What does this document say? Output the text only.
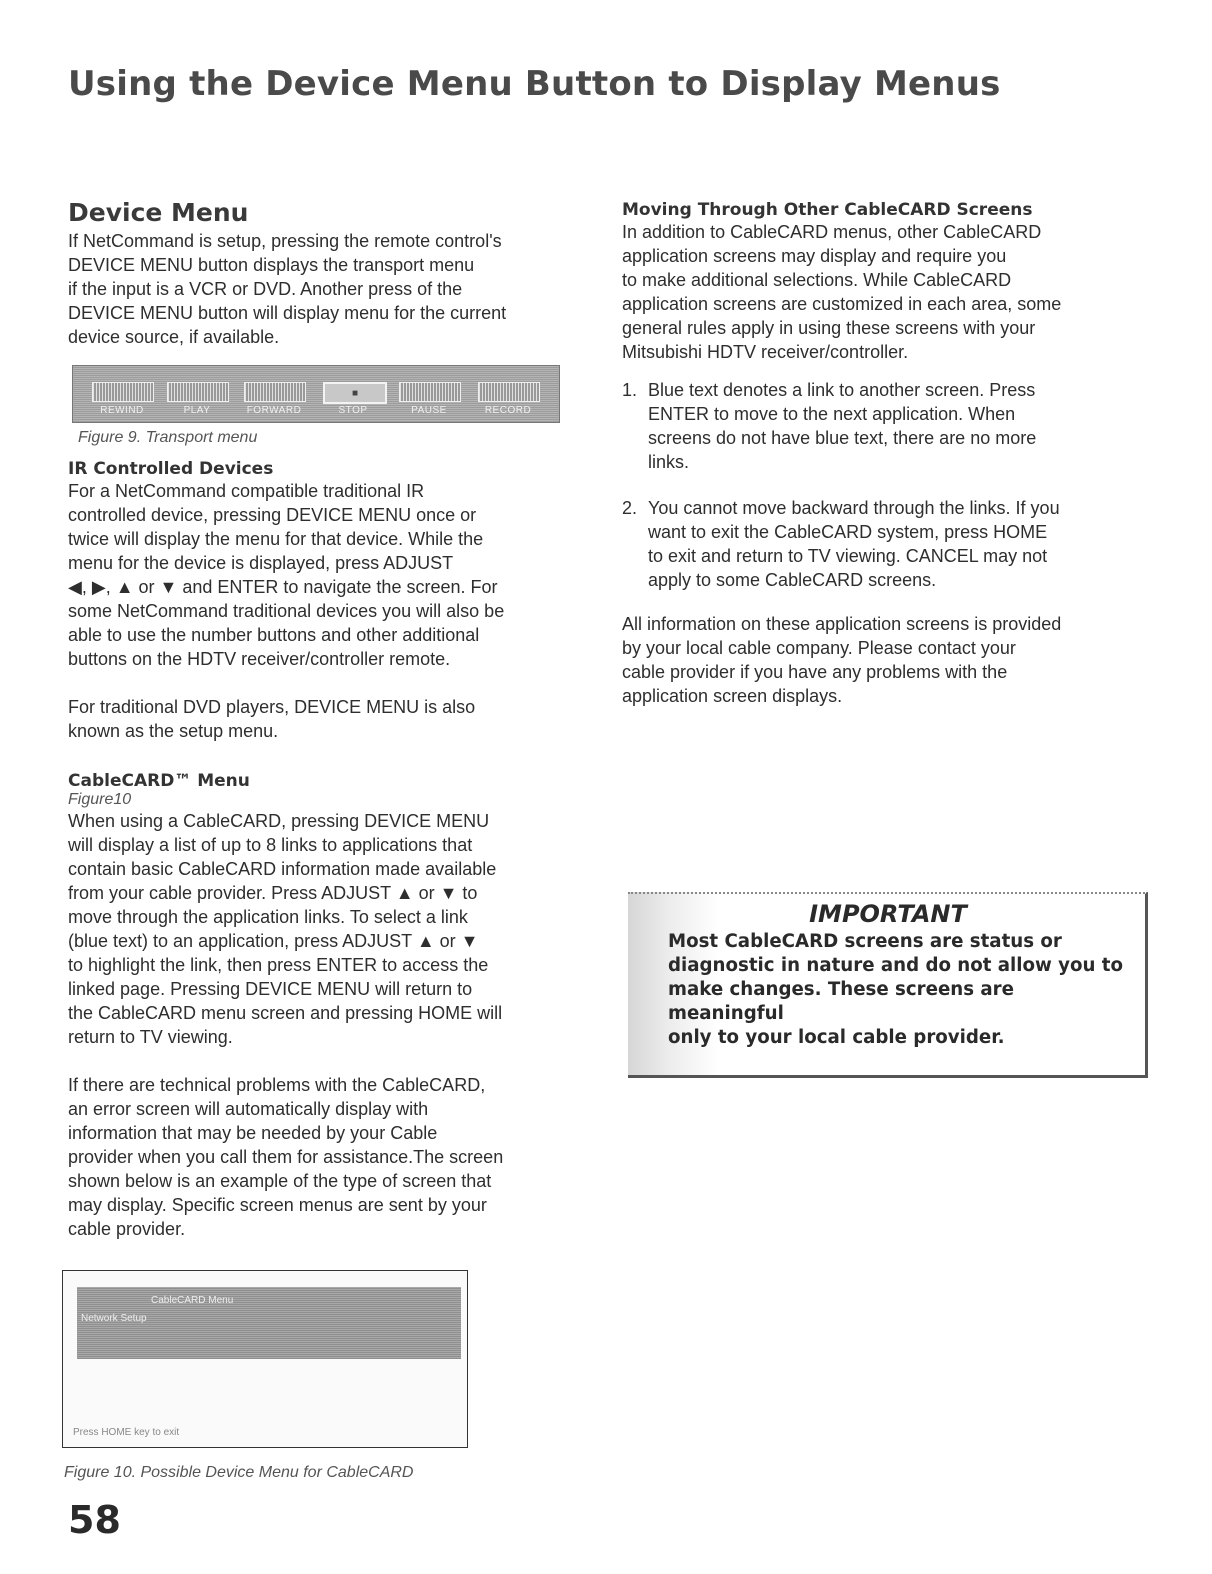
Using the Device Menu Button to Display Menus
Device Menu
If NetCommand is setup, pressing the remote control's
DEVICE MENU button displays the transport menu
if the input is a VCR or DVD. Another press of the
DEVICE MENU button will display menu for the current
device source, if available.
■
REWIND	PLAY	FORWARD	STOP	PAUSE	RECORD

Figure 9. Transport menu

IR Controlled Devices
For a NetCommand compatible traditional IR
controlled device, pressing DEVICE MENU once or
twice will display the menu for that device. While the
menu for the device is displayed, press ADJUST
◀, ▶, ▲ or ▼ and ENTER to navigate the screen. For
some NetCommand traditional devices you will also be
able to use the number buttons and other additional
buttons on the HDTV receiver/controller remote.
For traditional DVD players, DEVICE MENU is also
known as the setup menu.
CableCARD™ Menu

Figure10

When using a CableCARD, pressing DEVICE MENU
will display a list of up to 8 links to applications that
contain basic CableCARD information made available
from your cable provider. Press ADJUST ▲ or ▼ to
move through the application links. To select a link
(blue text) to an application, press ADJUST ▲ or ▼
to highlight the link, then press ENTER to access the
linked page. Pressing DEVICE MENU will return to
the CableCARD menu screen and pressing HOME will
return to TV viewing.
If there are technical problems with the CableCARD,
an error screen will automatically display with
information that may be needed by your Cable
provider when you call them for assistance.The screen
shown below is an example of the type of screen that
may display. Specific screen menus are sent by your
cable provider.
CableCARD Menu
Network Setup
Press HOME key to exit

Figure 10. Possible Device Menu for CableCARD

Moving Through Other CableCARD Screens
In addition to CableCARD menus, other CableCARD
application screens may display and require you
to make additional selections. While CableCARD
application screens are customized in each area, some
general rules apply in using these screens with your
Mitsubishi HDTV receiver/controller.
1. Blue text denotes a link to another screen. Press
ENTER to move to the next application. When
screens do not have blue text, there are no more
links.
2. You cannot move backward through the links. If you
want to exit the CableCARD system, press HOME
to exit and return to TV viewing. CANCEL may not
apply to some CableCARD screens.
All information on these application screens is provided
by your local cable company. Please contact your
cable provider if you have any problems with the
application screen displays.
IMPORTANT
Most CableCARD screens are status or
diagnostic in nature and do not allow you to
make changes. These screens are meaningful
only to your local cable provider.
58
